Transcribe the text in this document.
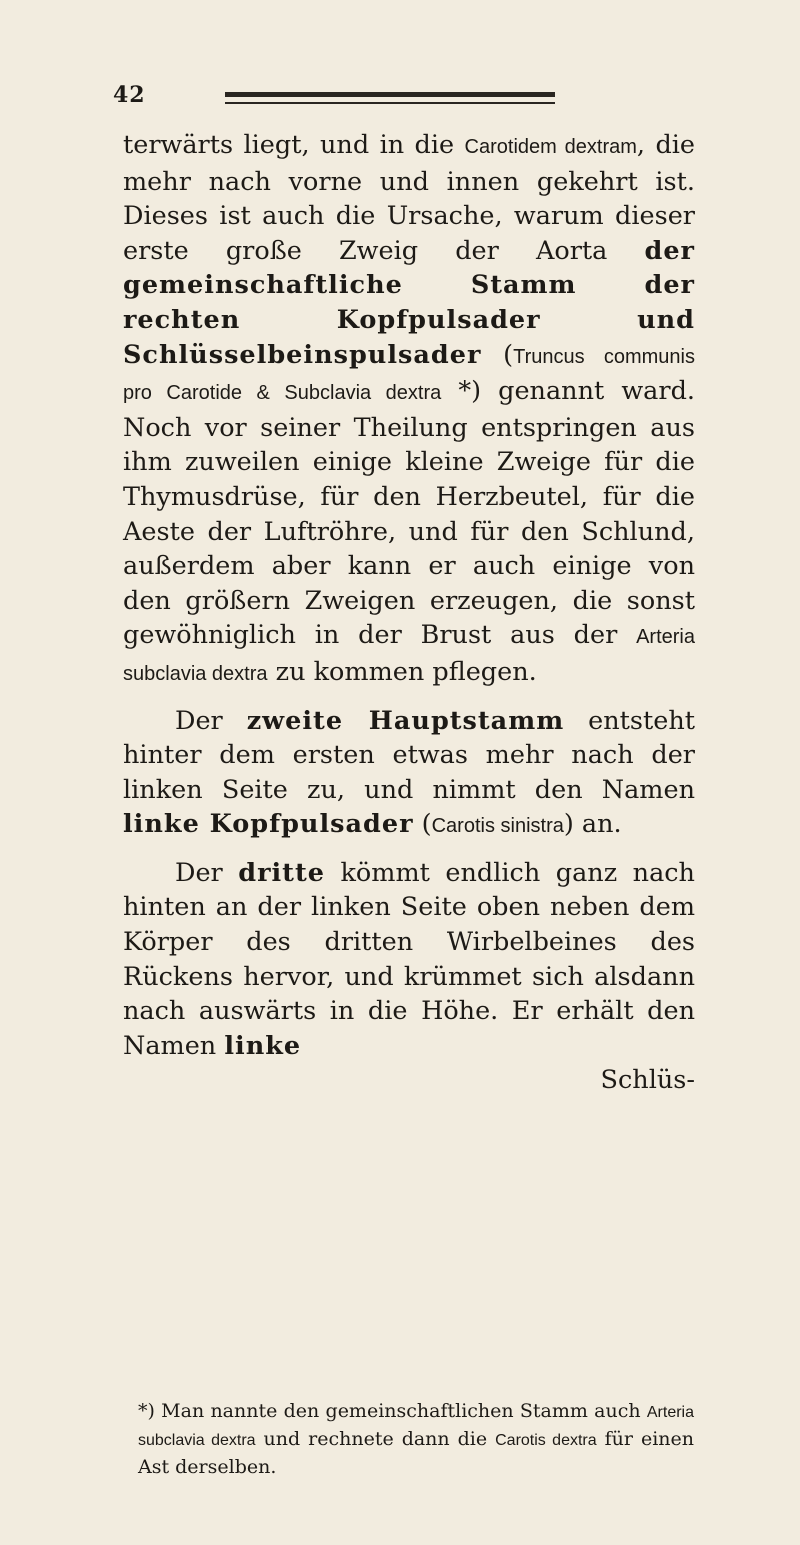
42

terwärts liegt, und in die Carotidem dextram, die mehr nach vorne und innen gekehrt ist. Dieses ist auch die Ursache, warum dieser erste große Zweig der Aorta der gemeinschaftliche Stamm der rechten Kopfpulsader und Schlüsselbeinspulsader (Truncus communis pro Carotide & Subclavia dextra *) genannt ward. Noch vor seiner Theilung entspringen aus ihm zuweilen einige kleine Zweige für die Thymusdrüse, für den Herzbeutel, für die Aeste der Luftröhre, und für den Schlund, außerdem aber kann er auch einige von den größern Zweigen erzeugen, die sonst gewöhniglich in der Brust aus der Arteria subclavia dextra zu kommen pflegen.

Der zweite Hauptstamm entsteht hinter dem ersten etwas mehr nach der linken Seite zu, und nimmt den Namen linke Kopfpulsader (Carotis sinistra) an.

Der dritte kömmt endlich ganz nach hinten an der linken Seite oben neben dem Körper des dritten Wirbelbeines des Rückens hervor, und krümmet sich alsdann nach auswärts in die Höhe. Er erhält den Namen linke

Schlüs-

*) Man nannte den gemeinschaftlichen Stamm auch Arteria subclavia dextra und rechnete dann die Carotis dextra für einen Ast derselben.
